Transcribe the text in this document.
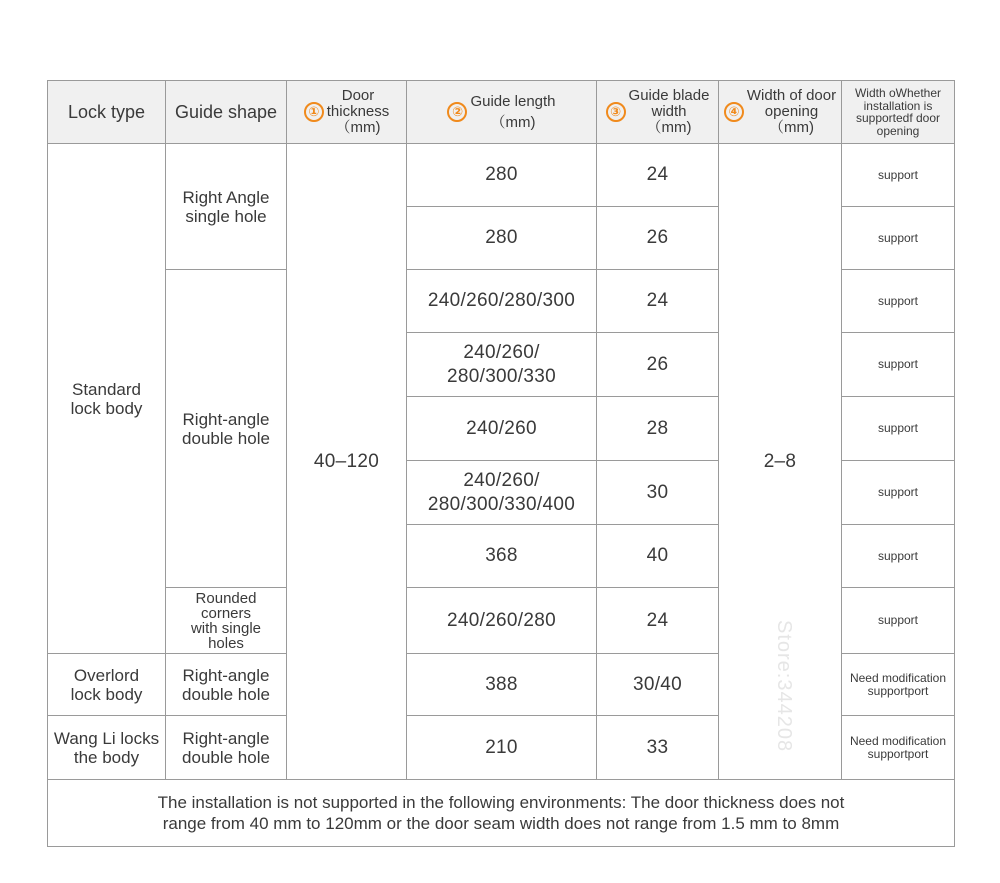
Lock type	Guide shape	①
Door
thickness
（mm)	②
Guide length
（mm)	③
Guide blade
width
（mm)	④
Width of door
opening
（mm)	Width oWhether
installation is
supportedf door
opening
Standard
lock body	Right Angle
single hole	40–120	280	24	2–8	support
			280	26		support
	Right-angle
double hole		240/260/280/300	24		support
			240/260/
280/300/330	26		support
			240/260	28		support
			240/260/
280/300/330/400	30		support
			368	40		support
	Rounded
corners
with single
holes		240/260/280	24		support
Overlord
lock body	Right-angle
double hole		388	30/40		Need modification
supportport
Wang Li locks
the body	Right-angle
double hole		210	33		Need modification
supportport
The installation is not supported in the following environments: The door thickness does not
range from 40 mm to 120mm or the door seam width does not range from 1.5 mm to 8mm						
Store:344208
